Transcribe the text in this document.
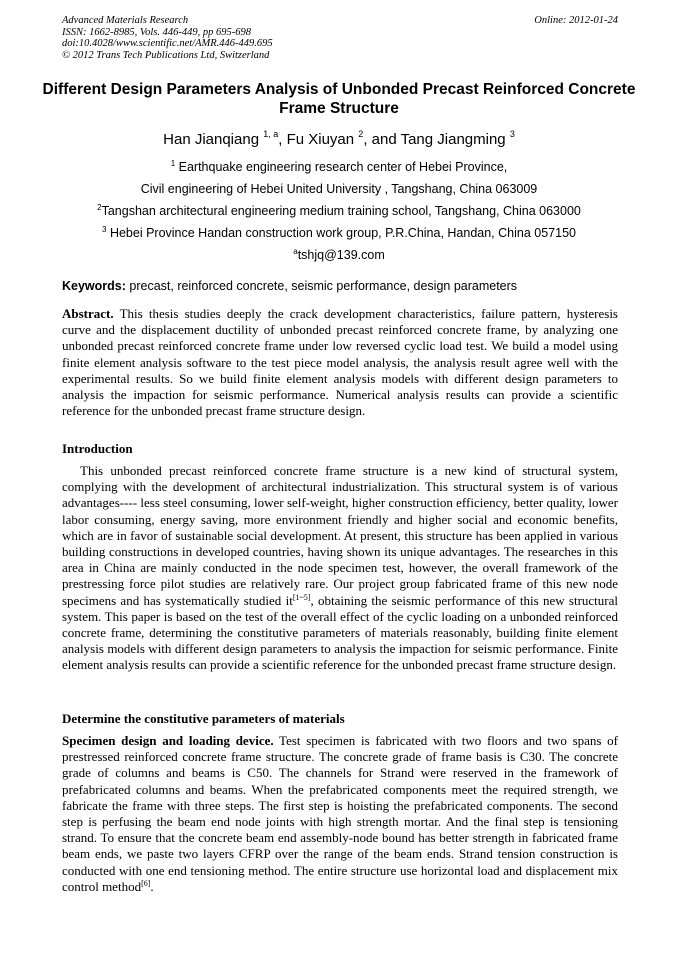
Advanced Materials Research
ISSN: 1662-8985, Vols. 446-449, pp 695-698
doi:10.4028/www.scientific.net/AMR.446-449.695
© 2012 Trans Tech Publications Ltd, Switzerland
Online: 2012-01-24
Different Design Parameters Analysis of Unbonded Precast Reinforced Concrete Frame Structure
Han Jianqiang $^{1, a}$, Fu Xiuyan $^2$, and Tang Jiangming $^3$
$^1$ Earthquake engineering research center of Hebei Province,
Civil engineering of Hebei United University , Tangshang, China 063009
$^2$Tangshan architectural engineering medium training school, Tangshang, China 063000
$^3$ Hebei Province Handan construction work group, P.R.China, Handan, China 057150
$^a$tshjq@139.com
Keywords: precast, reinforced concrete, seismic performance, design parameters
Abstract. This thesis studies deeply the crack development characteristics, failure pattern, hysteresis curve and the displacement ductility of unbonded precast reinforced concrete frame, by analyzing one unbonded precast reinforced concrete frame under low reversed cyclic load test. We build a model using finite element analysis software to the test piece model analysis, the analysis result agree well with the experimental results. So we build finite element analysis models with different design parameters to analysis the impaction for seismic performance. Numerical analysis results can provide a scientific reference for the unbonded precast frame structure design.
Introduction
This unbonded precast reinforced concrete frame structure is a new kind of structural system, complying with the development of architectural industrialization. This structural system is of various advantages---- less steel consuming, lower self-weight, higher construction efficiency, better quality, lower labor consuming, energy saving, more environment friendly and higher social and economic benefits, which are in favor of sustainable social development. At present, this structure has been applied in various building constructions in developed countries, having shown its unique advantages. The researches in this area in China are mainly conducted in the node specimen test, however, the overall framework of the prestressing force pilot studies are relatively rare. Our project group fabricated frame of this new node specimens and has systematically studied it[1~5], obtaining the seismic performance of this new structural system. This paper is based on the test of the overall effect of the cyclic loading on a unbonded reinforced concrete frame, determining the constitutive parameters of materials reasonably, building finite element analysis models with different design parameters to analysis the impaction for seismic performance. Finite element analysis results can provide a scientific reference for the unbonded precast frame structure design.
Determine the constitutive parameters of materials
Specimen design and loading device. Test specimen is fabricated with two floors and two spans of prestressed reinforced concrete frame structure. The concrete grade of frame basis is C30. The concrete grade of columns and beams is C50. The channels for Strand were reserved in the framework of prefabricated columns and beams. When the prefabricated components meet the required strength, we fabricate the frame with three steps. The first step is hoisting the prefabricated components. The second step is perfusing the beam end node joints with high strength mortar. And the final step is tensioning strand. To ensure that the concrete beam end assembly-node bound has better strength in fabricated frame beam ends, we paste two layers CFRP over the range of the beam ends. Strand tension construction is conducted with one end tensioning method. The entire structure use horizontal load and displacement mix control method[6].
